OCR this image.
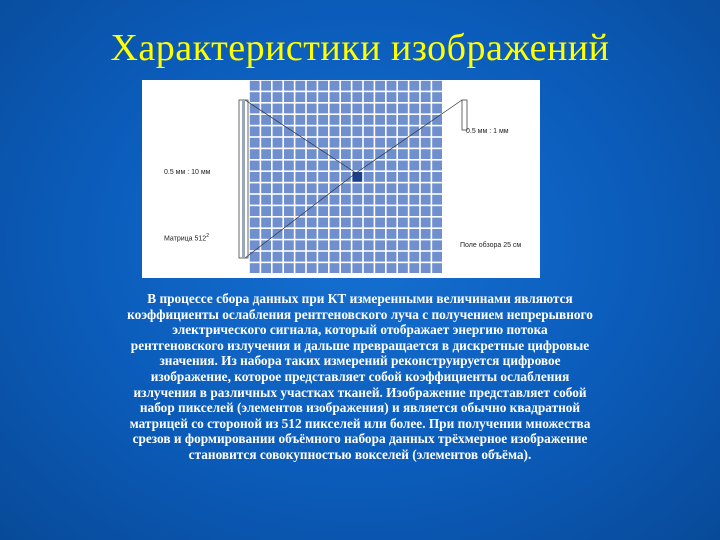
Характеристики изображений
0.5 мм : 10 мм
0.5 мм : 1 мм
Матрица $512^2$
Поле обзора 25 см
В процессе сбора данных при КТ измеренными величинами являются
коэффициенты ослабления рентгеновского луча с получением непрерывного
электрического сигнала, который отображает энергию потока
рентгеновского излучения и дальше превращается в дискретные цифровые
значения. Из набора таких измерений реконструируется цифровое
изображение, которое представляет собой коэффициенты ослабления
излучения в различных участках тканей. Изображение представляет собой
набор пикселей (элементов изображения) и является обычно квадратной
матрицей со стороной из 512 пикселей или более. При получении множества
срезов и формировании объёмного набора данных трёхмерное изображение
становится совокупностью вокселей (элементов объёма).
